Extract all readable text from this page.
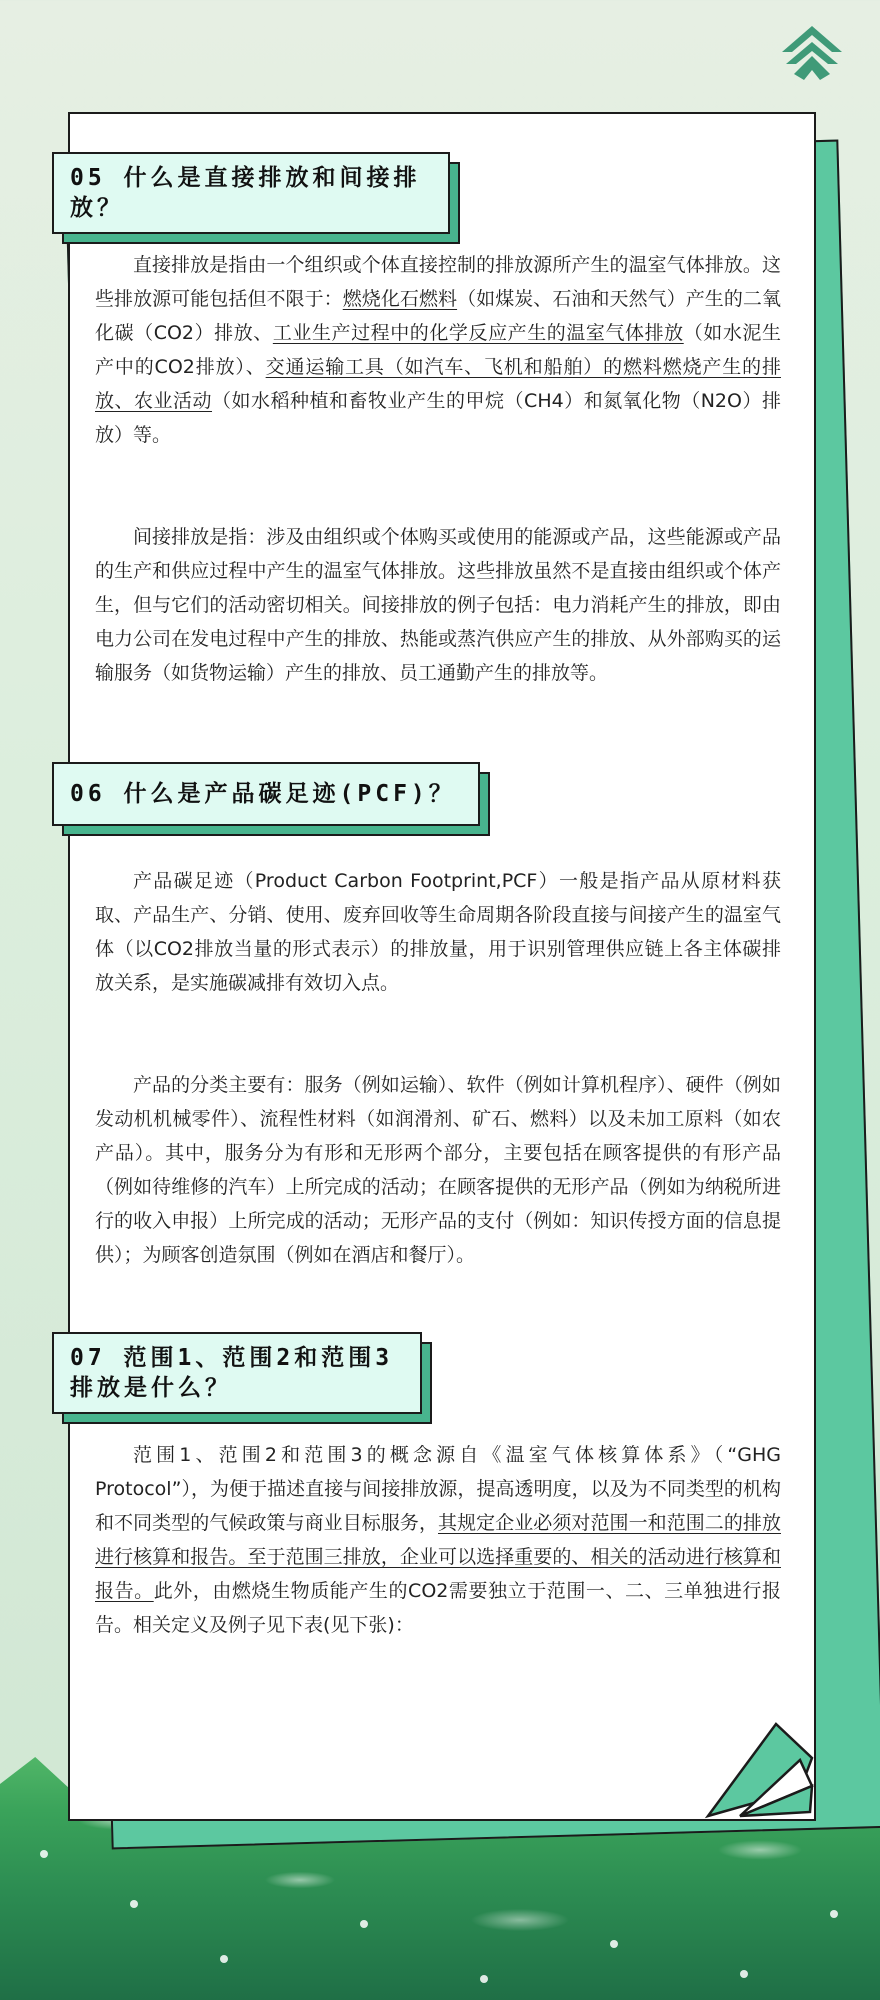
05 什么是直接排放和间接排放？

直接排放是指由一个组织或个体直接控制的排放源所产生的温室气体排放。这些排放源可能包括但不限于：燃烧化石燃料（如煤炭、石油和天然气）产生的二氧化碳（CO2）排放、工业生产过程中的化学反应产生的温室气体排放（如水泥生产中的CO2排放）、交通运输工具（如汽车、飞机和船舶）的燃料燃烧产生的排放、农业活动（如水稻种植和畜牧业产生的甲烷（CH4）和氮氧化物（N2O）排放）等。

间接排放是指：涉及由组织或个体购买或使用的能源或产品，这些能源或产品的生产和供应过程中产生的温室气体排放。这些排放虽然不是直接由组织或个体产生，但与它们的活动密切相关。间接排放的例子包括：电力消耗产生的排放，即由电力公司在发电过程中产生的排放、热能或蒸汽供应产生的排放、从外部购买的运输服务（如货物运输）产生的排放、员工通勤产生的排放等。

06 什么是产品碳足迹(PCF)？

产品碳足迹（Product Carbon Footprint,PCF）一般是指产品从原材料获取、产品生产、分销、使用、废弃回收等生命周期各阶段直接与间接产生的温室气体（以CO2排放当量的形式表示）的排放量，用于识别管理供应链上各主体碳排放关系，是实施碳减排有效切入点。

产品的分类主要有：服务（例如运输）、软件（例如计算机程序）、硬件（例如发动机机械零件）、流程性材料（如润滑剂、矿石、燃料）以及未加工原料（如农产品）。其中，服务分为有形和无形两个部分，主要包括在顾客提供的有形产品（例如待维修的汽车）上所完成的活动；在顾客提供的无形产品（例如为纳税所进行的收入申报）上所完成的活动；无形产品的支付（例如：知识传授方面的信息提供）；为顾客创造氛围（例如在酒店和餐厅）。

07 范围1、范围2和范围3排放是什么？

范围1、范围2和范围3的概念源自《温室气体核算体系》（“GHG Protocol”），为便于描述直接与间接排放源，提高透明度，以及为不同类型的机构和不同类型的气候政策与商业目标服务，其规定企业必须对范围一和范围二的排放进行核算和报告。至于范围三排放，企业可以选择重要的、相关的活动进行核算和报告。此外，由燃烧生物质能产生的CO2需要独立于范围一、二、三单独进行报告。相关定义及例子见下表(见下张)：
